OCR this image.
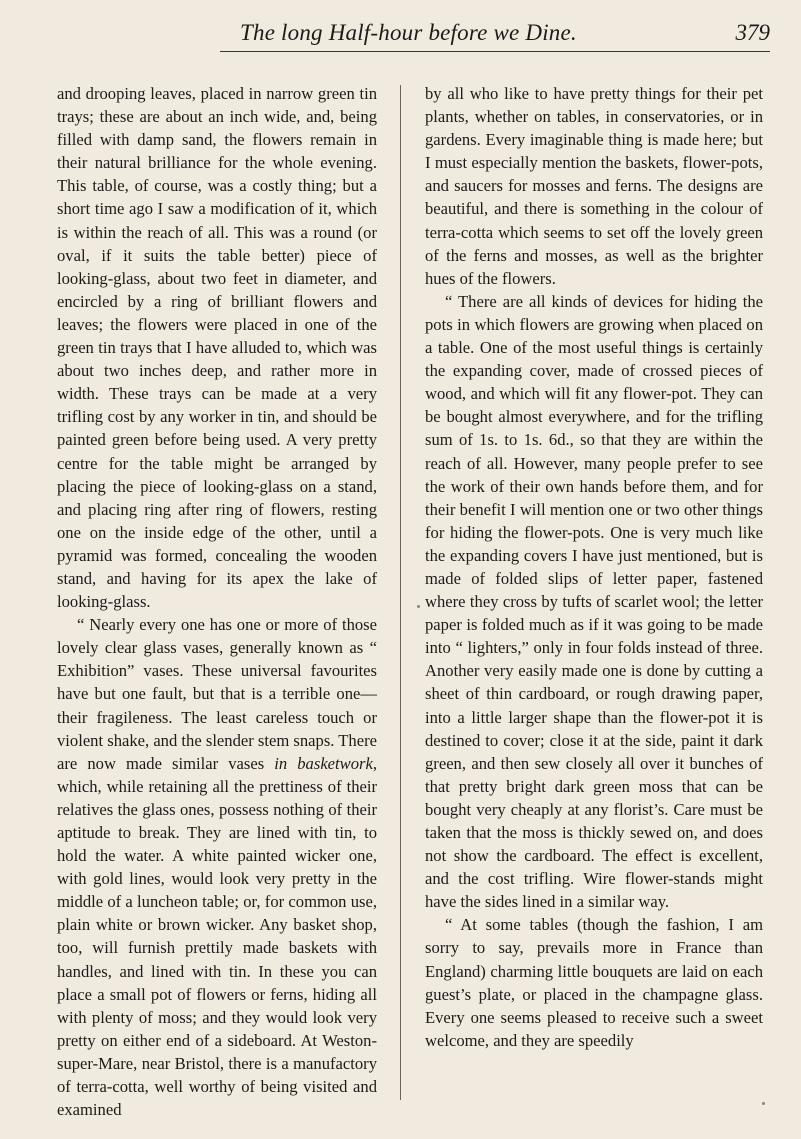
The long Half-hour before we Dine.	379

and drooping leaves, placed in narrow green tin trays; these are about an inch wide, and, being filled with damp sand, the flowers remain in their natural brilliance for the whole evening. This table, of course, was a costly thing; but a short time ago I saw a modification of it, which is within the reach of all. This was a round (or oval, if it suits the table better) piece of looking-glass, about two feet in diameter, and encircled by a ring of brilliant flowers and leaves; the flowers were placed in one of the green tin trays that I have alluded to, which was about two inches deep, and rather more in width. These trays can be made at a very trifling cost by any worker in tin, and should be painted green before being used. A very pretty centre for the table might be arranged by placing the piece of looking-glass on a stand, and placing ring after ring of flowers, resting one on the inside edge of the other, until a pyramid was formed, concealing the wooden stand, and having for its apex the lake of looking-glass.

“ Nearly every one has one or more of those lovely clear glass vases, generally known as “ Exhibition” vases. These universal favourites have but one fault, but that is a terrible one—their fragileness. The least careless touch or violent shake, and the slender stem snaps. There are now made similar vases in basketwork, which, while retaining all the prettiness of their relatives the glass ones, possess nothing of their aptitude to break. They are lined with tin, to hold the water. A white painted wicker one, with gold lines, would look very pretty in the middle of a luncheon table; or, for common use, plain white or brown wicker. Any basket shop, too, will furnish prettily made baskets with handles, and lined with tin. In these you can place a small pot of flowers or ferns, hiding all with plenty of moss; and they would look very pretty on either end of a sideboard. At Weston-super-Mare, near Bristol, there is a manufactory of terra-cotta, well worthy of being visited and examined

by all who like to have pretty things for their pet plants, whether on tables, in conservatories, or in gardens. Every imaginable thing is made here; but I must especially mention the baskets, flower-pots, and saucers for mosses and ferns. The designs are beautiful, and there is something in the colour of terra-cotta which seems to set off the lovely green of the ferns and mosses, as well as the brighter hues of the flowers.

“ There are all kinds of devices for hiding the pots in which flowers are growing when placed on a table. One of the most useful things is certainly the expanding cover, made of crossed pieces of wood, and which will fit any flower-pot. They can be bought almost everywhere, and for the trifling sum of 1s. to 1s. 6d., so that they are within the reach of all. However, many people prefer to see the work of their own hands before them, and for their benefit I will mention one or two other things for hiding the flower-pots. One is very much like the expanding covers I have just mentioned, but is made of folded slips of letter paper, fastened where they cross by tufts of scarlet wool; the letter paper is folded much as if it was going to be made into “ lighters,” only in four folds instead of three. Another very easily made one is done by cutting a sheet of thin cardboard, or rough drawing paper, into a little larger shape than the flower-pot it is destined to cover; close it at the side, paint it dark green, and then sew closely all over it bunches of that pretty bright dark green moss that can be bought very cheaply at any florist’s. Care must be taken that the moss is thickly sewed on, and does not show the cardboard. The effect is excellent, and the cost trifling. Wire flower-stands might have the sides lined in a similar way.

“ At some tables (though the fashion, I am sorry to say, prevails more in France than England) charming little bouquets are laid on each guest’s plate, or placed in the champagne glass. Every one seems pleased to receive such a sweet welcome, and they are speedily
